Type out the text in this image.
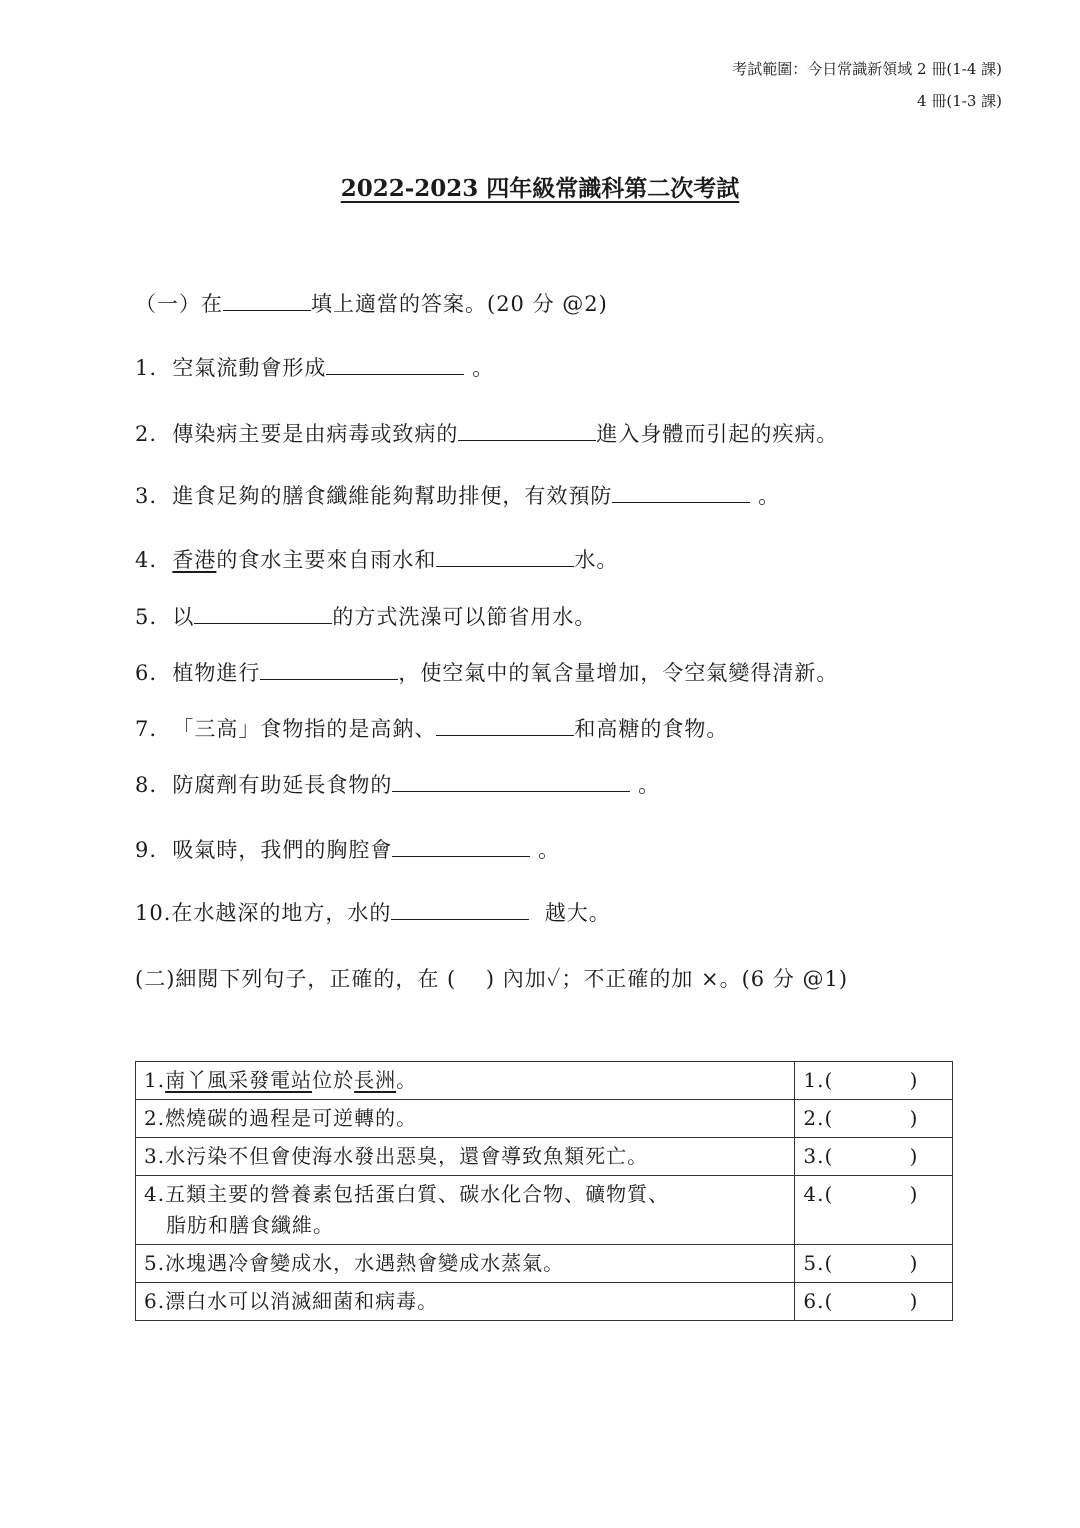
考試範圍：今日常識新領域 2 冊(1-4 課)
4 冊(1-3 課)
2022-2023 四年級常識科第二次考試
（一）在	填上適當的答案。(20 分 @2)
1. 空氣流動會形成	。
2. 傳染病主要是由病毒或致病的	進入身體而引起的疾病。
3. 進食足夠的膳食纖維能夠幫助排便，有效預防	。
4. 香港的食水主要來自雨水和	水。
5. 以	的方式洗澡可以節省用水。
6. 植物進行	，使空氣中的氧含量增加，令空氣變得清新。
7. 「三高」食物指的是高鈉、	和高糖的食物。
8. 防腐劑有助延長食物的	。
9. 吸氣時，我們的胸腔會	。
10.在水越深的地方，水的	越大。
(二)細閱下列句子，正確的，在 (　 ) 內加✓；不正確的加 ×。(6 分 @1)
1.南丫風采發電站位於長洲。	1.( )

2.燃燒碳的過程是可逆轉的。	2.( )

3.水污染不但會使海水發出惡臭，還會導致魚類死亡。	3.( )

4.五類主要的營養素包括蛋白質、碳水化合物、礦物質、
脂肪和膳食纖維。	4.( )

5.冰塊遇冷會變成水，水遇熱會變成水蒸氣。	5.( )

6.漂白水可以消滅細菌和病毒。	6.( )
